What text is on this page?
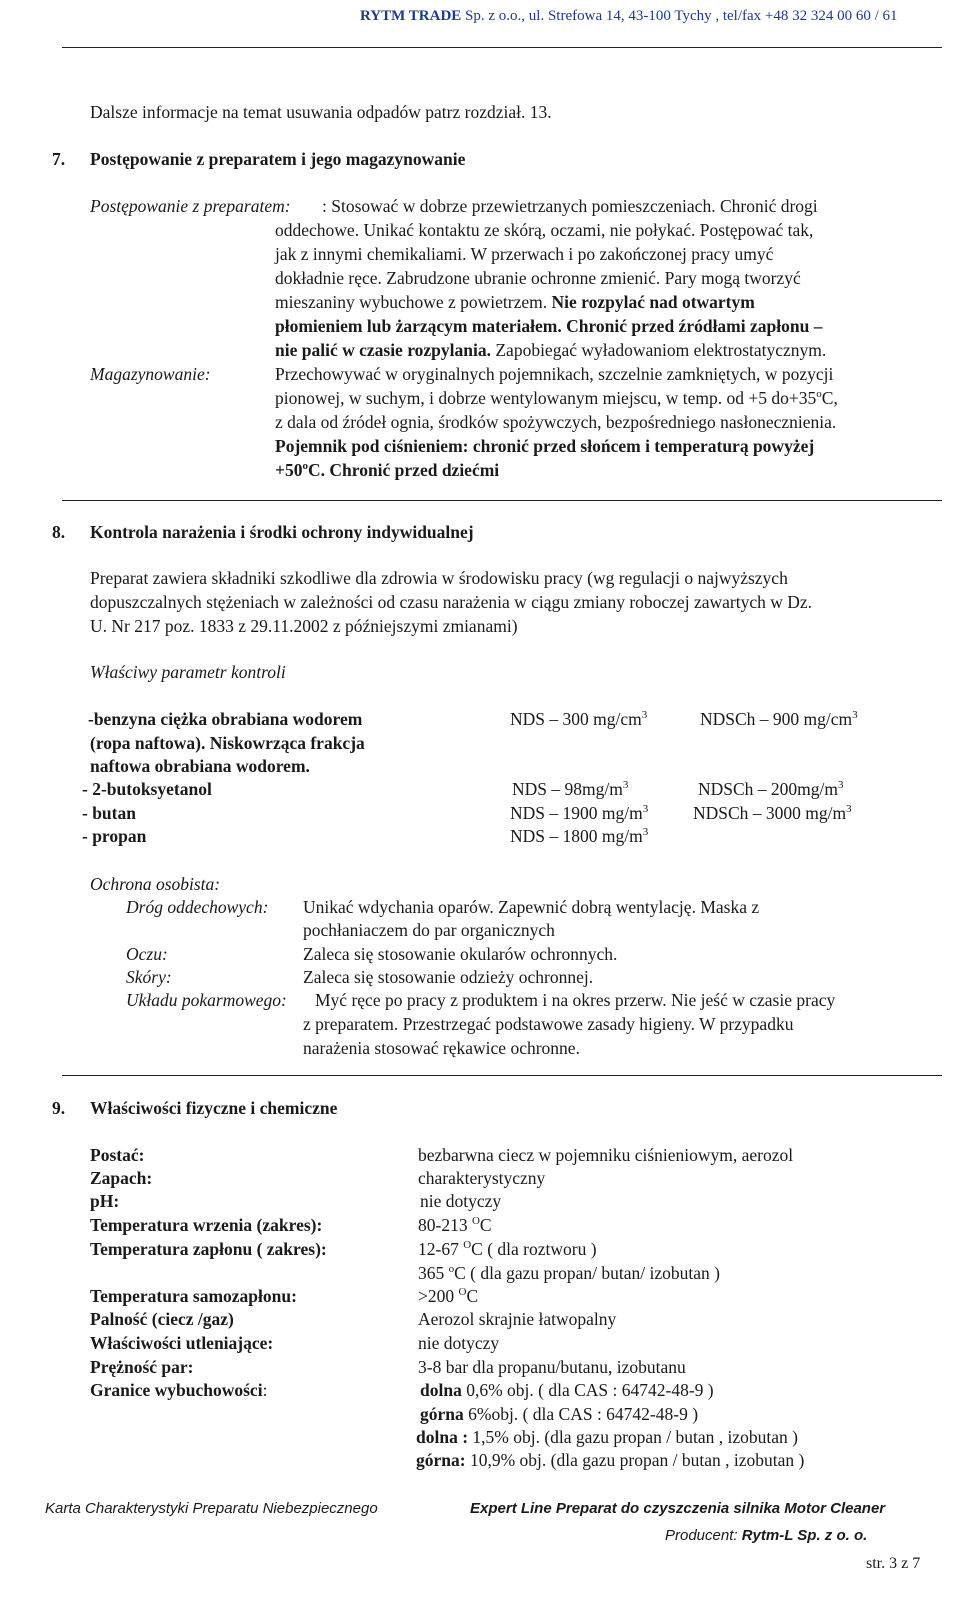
RYTM TRADE Sp. z o.o., ul. Strefowa 14, 43-100 Tychy , tel/fax +48 32 324 00 60 / 61
Dalsze informacje na temat usuwania odpadów patrz rozdział. 13.
7. Postępowanie z preparatem i jego magazynowanie
Postępowanie z preparatem: : Stosować w dobrze przewietrzanych pomieszczeniach. Chronić drogi
oddechowe. Unikać kontaktu ze skórą, oczami, nie połykać. Postępować tak,
jak z innymi chemikaliami. W przerwach i po zakończonej pracy umyć
dokładnie ręce. Zabrudzone ubranie ochronne zmienić. Pary mogą tworzyć
mieszaniny wybuchowe z powietrzem. Nie rozpylać nad otwartym
płomieniem lub żarzącym materiałem. Chronić przed źródłami zapłonu –
nie palić w czasie rozpylania. Zapobiegać wyładowaniom elektrostatycznym.
Magazynowanie:	Przechowywać w oryginalnych pojemnikach, szczelnie zamkniętych, w pozycji
pionowej, w suchym, i dobrze wentylowanym miejscu, w temp. od +5 $do+35^oC$,
z dala od źródeł ognia, środków spożywczych, bezpośredniego nasłonecznienia.
Pojemnik pod ciśnieniem: chronić przed słońcem i temperaturą powyżej
$+50^oC$. Chronić przed dziećmi
8. Kontrola narażenia i środki ochrony indywidualnej
Preparat zawiera składniki szkodliwe dla zdrowia w środowisku pracy (wg regulacji o najwyższych
dopuszczalnych stężeniach w zależności od czasu narażenia w ciągu zmiany roboczej zawartych w Dz.
U. Nr 217 poz. 1833 z 29.11.2002 z późniejszymi zmianami)
Właściwy parametr kontroli
-benzyna ciężka obrabiana wodorem	NDS – 300 $mg/cm^3$	NDSCh – 900 $mg/cm^3$
(ropa naftowa). Niskowrząca frakcja
naftowa obrabiana wodorem.
- 2-butoksyetanol	NDS – $98mg/m^3$	NDSCh – $200mg/m^3$
- butan	NDS – 1900 $mg/m^3$	NDSCh – 3000 $mg/m^3$
- propan	NDS – 1800 $mg/m^3$
Ochrona osobista:
Dróg oddechowych: Unikać wdychania oparów. Zapewnić dobrą wentylację. Maska z
pochłaniaczem do par organicznych
Oczu:	Zaleca się stosowanie okularów ochronnych.
Skóry:	Zaleca się stosowanie odzieży ochronnej.
Układu pokarmowego: Myć ręce po pracy z produktem i na okres przerw. Nie jeść w czasie pracy
z preparatem. Przestrzegać podstawowe zasady higieny. W przypadku
narażenia stosować rękawice ochronne.
9. Właściwości fizyczne i chemiczne
Postać:	bezbarwna ciecz w pojemniku ciśnieniowym, aerozol
Zapach:	charakterystyczny
pH:	nie dotyczy
Temperatura wrzenia (zakres):	80-213 $^O$C
Temperatura zapłonu ( zakres):	12-67 $^O$C ( dla roztworu )
365 $^o$C ( dla gazu propan/ butan/ izobutan )
Temperatura samozapłonu:	>200 $^O$C
Palność (ciecz /gaz)	Aerozol skrajnie łatwopalny
Właściwości utleniające:	nie dotyczy
Prężność par:	3-8 bar dla propanu/butanu, izobutanu
Granice wybuchowości:	dolna 0,6% obj. ( dla CAS : 64742-48-9 )
górna 6%obj. ( dla CAS : 64742-48-9 )
dolna : 1,5% obj. (dla gazu propan / butan , izobutan )
górna: 10,9% obj. (dla gazu propan / butan , izobutan )
Karta Charakterystyki Preparatu Niebezpiecznego	Expert Line Preparat do czyszczenia silnika Motor Cleaner
Producent: Rytm-L Sp. z o. o.
str. 3 z 7
